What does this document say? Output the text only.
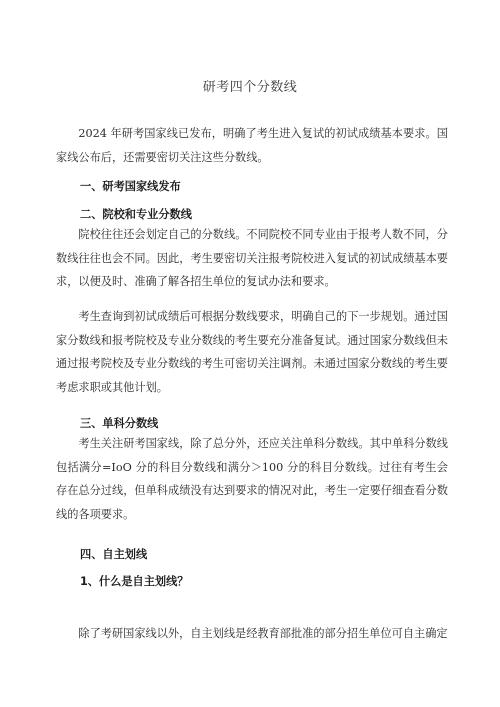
研考四个分数线

2024 年研考国家线已发布，明确了考生进入复试的初试成绩基本要求。国家线公布后，还需要密切关注这些分数线。

一、研考国家线发布
二、院校和专业分数线

院校往往还会划定自己的分数线。不同院校不同专业由于报考人数不同，分数线往往也会不同。因此，考生要密切关注报考院校进入复试的初试成绩基本要求，以便及时、准确了解各招生单位的复试办法和要求。

考生查询到初试成绩后可根据分数线要求，明确自己的下一步规划。通过国家分数线和报考院校及专业分数线的考生要充分准备复试。通过国家分数线但未通过报考院校及专业分数线的考生可密切关注调剂。未通过国家分数线的考生要考虑求职或其他计划。

三、单科分数线

考生关注研考国家线，除了总分外，还应关注单科分数线。其中单科分数线包括满分=IoO 分的科目分数线和满分＞100 分的科目分数线。过往有考生会存在总分过线，但单科成绩没有达到要求的情况对此，考生一定要仔细查看分数线的各项要求。

四、自主划线
1、什么是自主划线？

除了考研国家线以外，自主划线是经教育部批准的部分招生单位可自主确定
